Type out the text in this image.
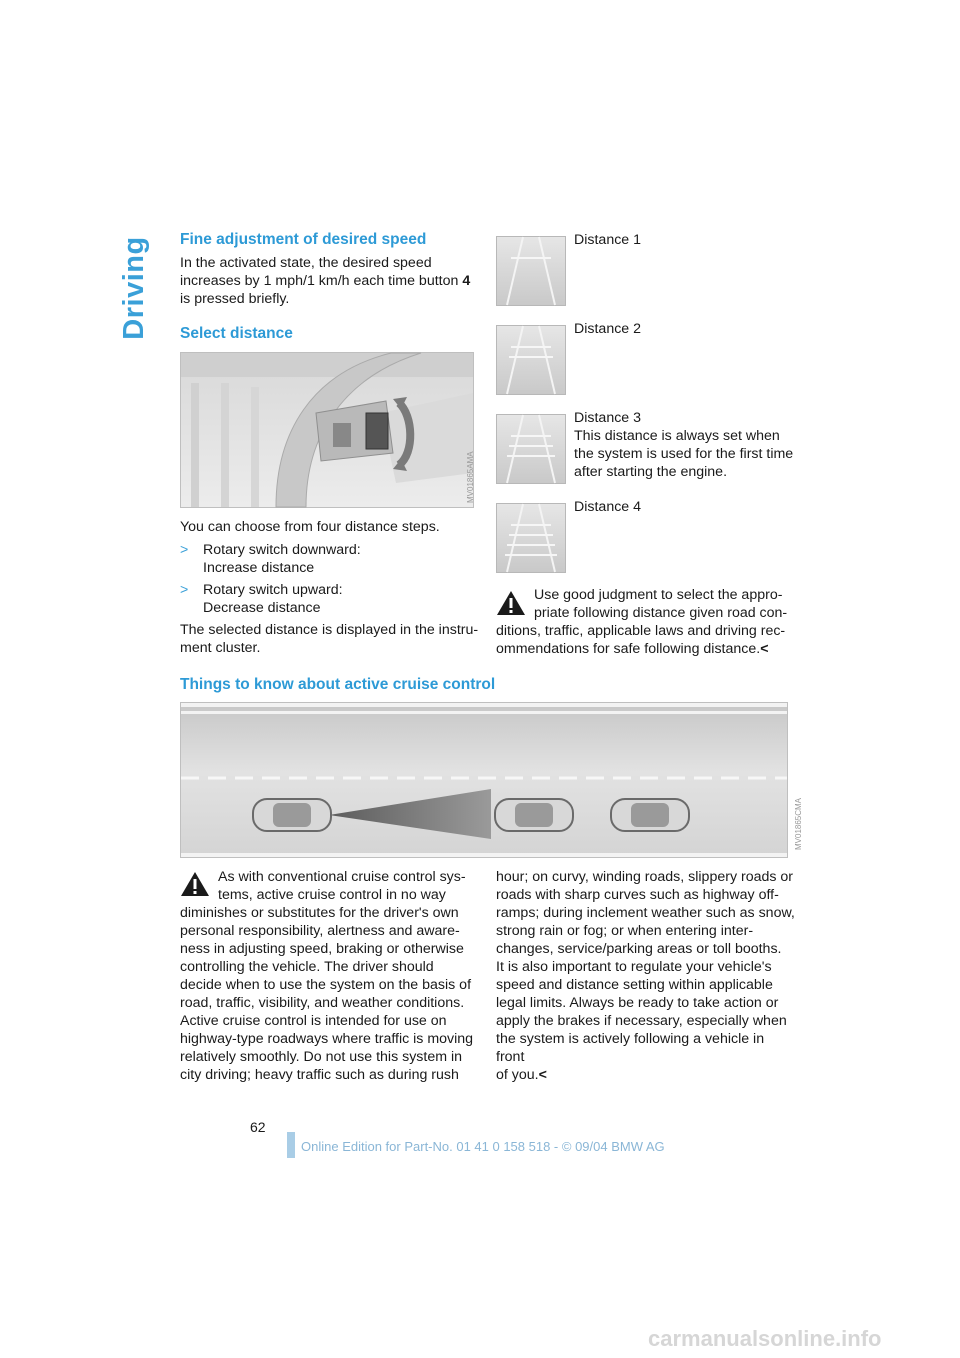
Driving Fine adjustment of desired speed

In the activated state, the desired speed

increases by 1 mph/1 km/h each time button 4

is pressed briefly.

Select distance
MV01865AMA
You can choose from four distance steps.
> Rotary switch downward:

Increase distance

> Rotary switch upward:

Decrease distance

The selected distance is displayed in the instru-

ment cluster.

Distance 1
Distance 2

Distance 3

This distance is always set when

the system is used for the first time

after starting the engine.

Distance 4

Use good judgment to select the appro-

priate following distance given road con-

ditions, traffic, applicable laws and driving rec-

ommendations for safe following distance.<

Things to know about active cruise control
MV01865CMA

As with conventional cruise control sys-

tems, active cruise control in no way

diminishes or substitutes for the driver's own

personal responsibility, alertness and aware-

ness in adjusting speed, braking or otherwise

controlling the vehicle. The driver should

decide when to use the system on the basis of

road, traffic, visibility, and weather conditions.

Active cruise control is intended for use on

highway-type roadways where traffic is moving

relatively smoothly. Do not use this system in

city driving; heavy traffic such as during rush

hour; on curvy, winding roads, slippery roads or

roads with sharp curves such as highway off-

ramps; during inclement weather such as snow,

strong rain or fog; or when entering inter-

changes, service/parking areas or toll booths.

It is also important to regulate your vehicle's

speed and distance setting within applicable

legal limits. Always be ready to take action or

apply the brakes if necessary, especially when

the system is actively following a vehicle in front

of you.<

62
Online Edition for Part-No. 01 41 0 158 518 - © 09/04 BMW AG
carmanualsonline.info
